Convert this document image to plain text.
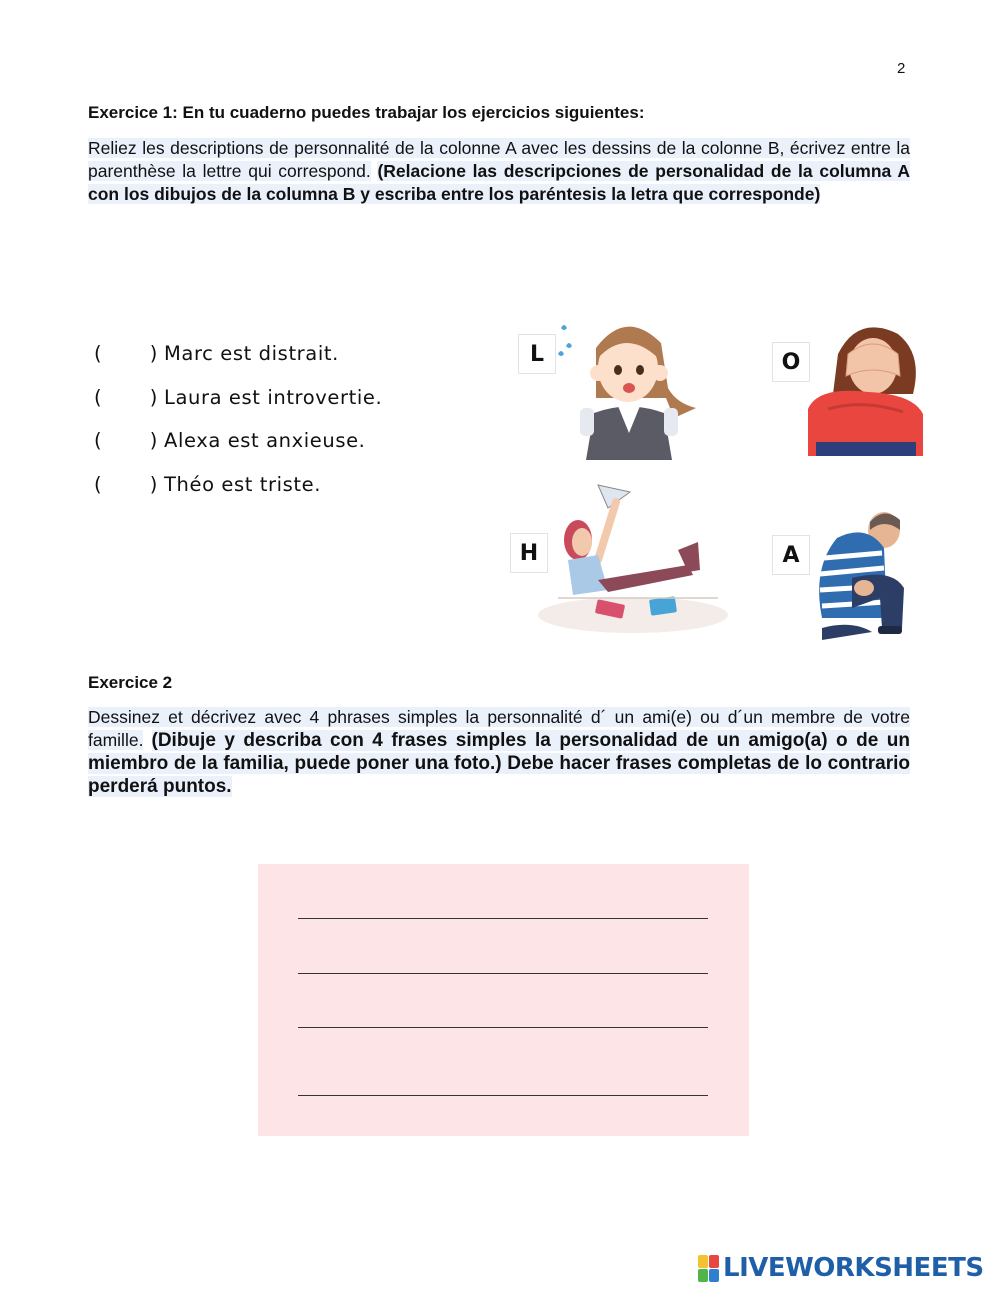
2
Exercice 1: En tu cuaderno puedes trabajar los ejercicios siguientes:
Reliez les descriptions de personnalité de la colonne A avec les dessins de la colonne B, écrivez entre la parenthèse la lettre qui correspond. (Relacione las descripciones de personalidad de la columna A con los dibujos de la columna B y escriba entre los paréntesis la letra que corresponde)
( ) Marc est distrait.
( ) Laura est introvertie.
( ) Alexa est anxieuse.
( ) Théo est triste.
L	O
H	A
Exercice 2
Dessinez et décrivez avec 4 phrases simples la personnalité d´ un ami(e) ou d´un membre de votre famille. (Dibuje y describa con 4 frases simples la personalidad de un amigo(a) o de un miembro de la familia, puede poner una foto.) Debe hacer frases completas de lo contrario perderá puntos.
LIVEWORKSHEETS
